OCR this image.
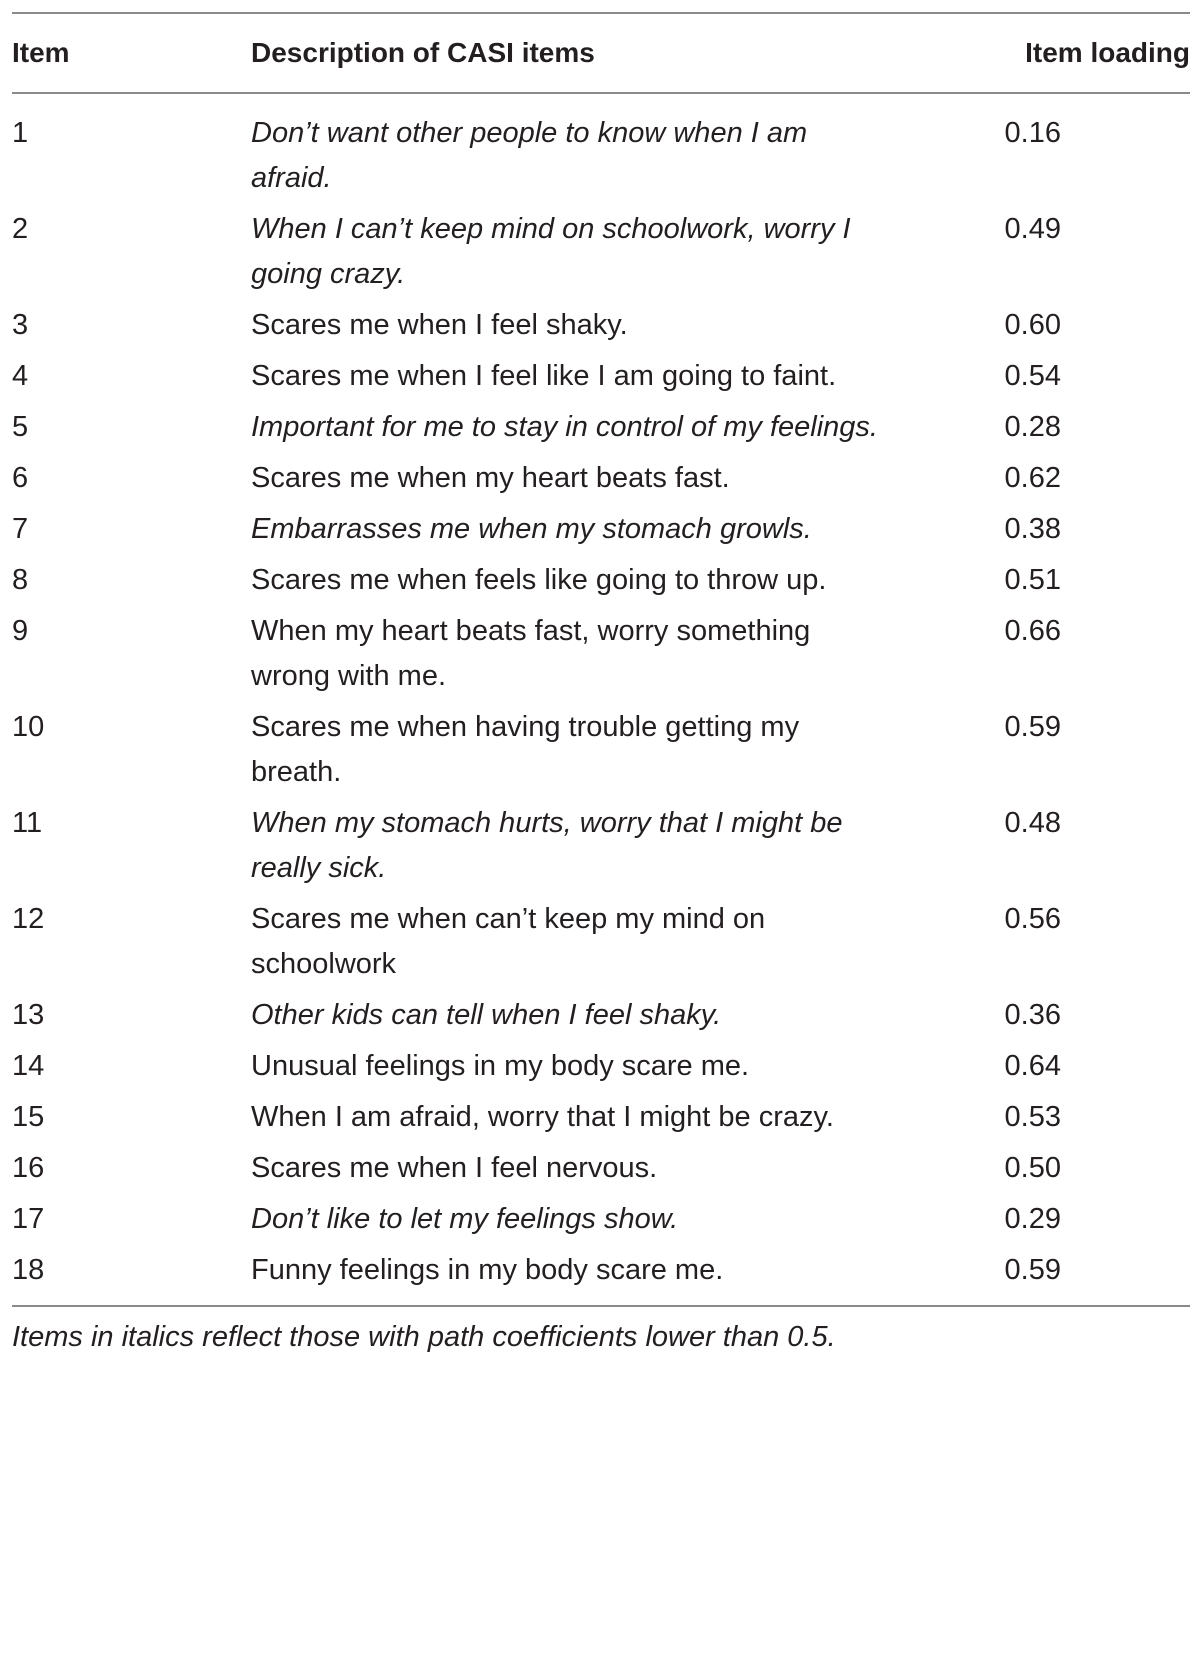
Item	Description of CASI items	Item loading
1	Don’t want other people to know when I am afraid.	0.16
2	When I can’t keep mind on schoolwork, worry I going crazy.	0.49
3	Scares me when I feel shaky.	0.60
4	Scares me when I feel like I am going to faint.	0.54
5	Important for me to stay in control of my feelings.	0.28
6	Scares me when my heart beats fast.	0.62
7	Embarrasses me when my stomach growls.	0.38
8	Scares me when feels like going to throw up.	0.51
9	When my heart beats fast, worry something wrong with me.	0.66
10	Scares me when having trouble getting my breath.	0.59
11	When my stomach hurts, worry that I might be really sick.	0.48
12	Scares me when can’t keep my mind on schoolwork	0.56
13	Other kids can tell when I feel shaky.	0.36
14	Unusual feelings in my body scare me.	0.64
15	When I am afraid, worry that I might be crazy.	0.53
16	Scares me when I feel nervous.	0.50
17	Don’t like to let my feelings show.	0.29
18	Funny feelings in my body scare me.	0.59
Items in italics reflect those with path coefficients lower than 0.5.
